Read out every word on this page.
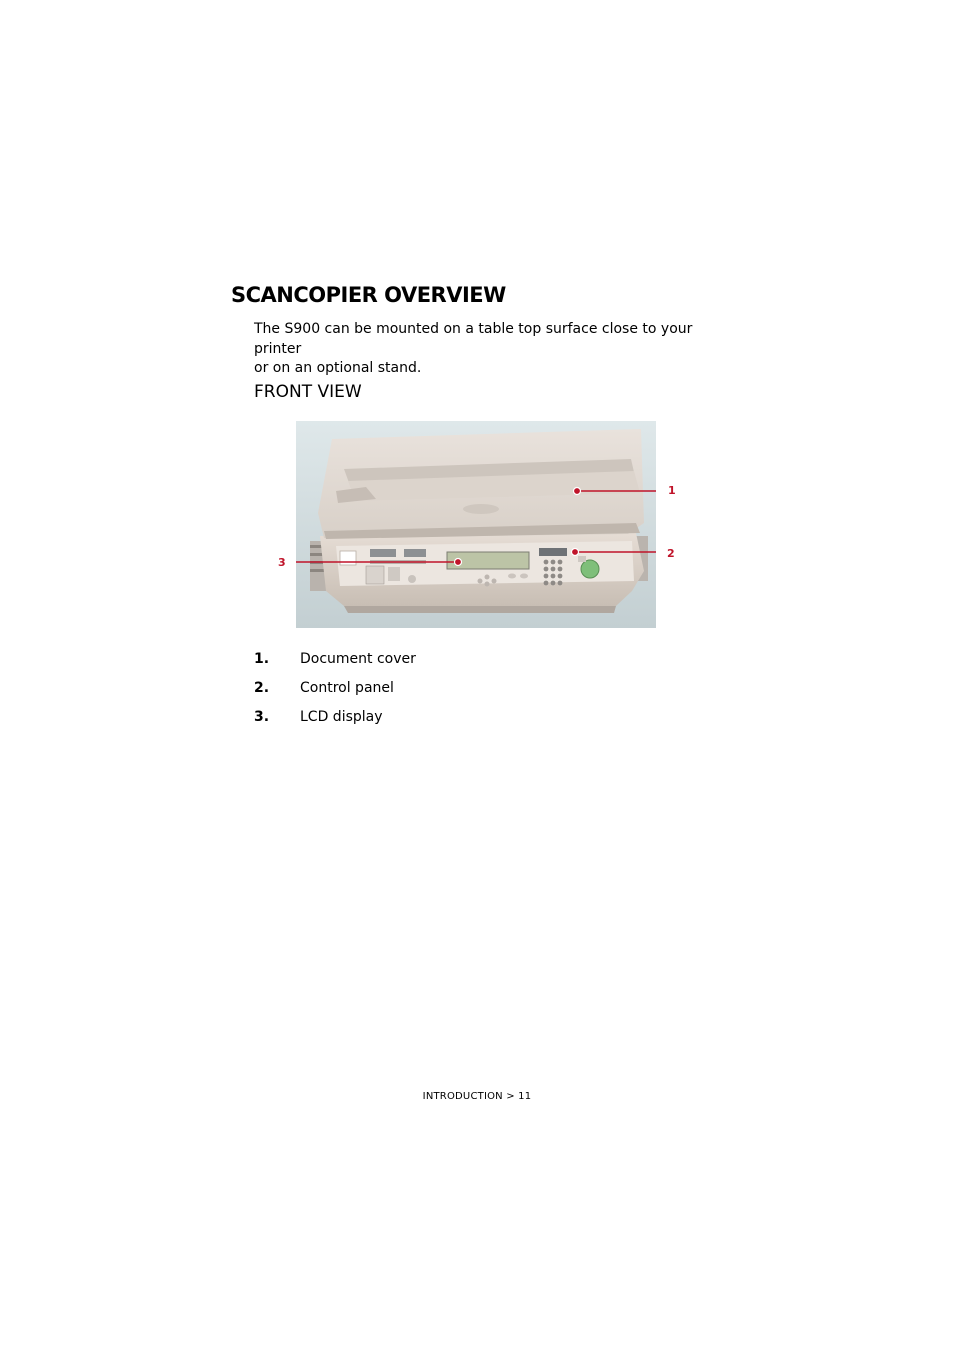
SCANCOPIER OVERVIEW

The S900 can be mounted on a table top surface close to your printer
or on an optional stand.

FRONT VIEW
1
2
3
1. Document cover
2. Control panel
3. LCD display
INTRODUCTION > 11
